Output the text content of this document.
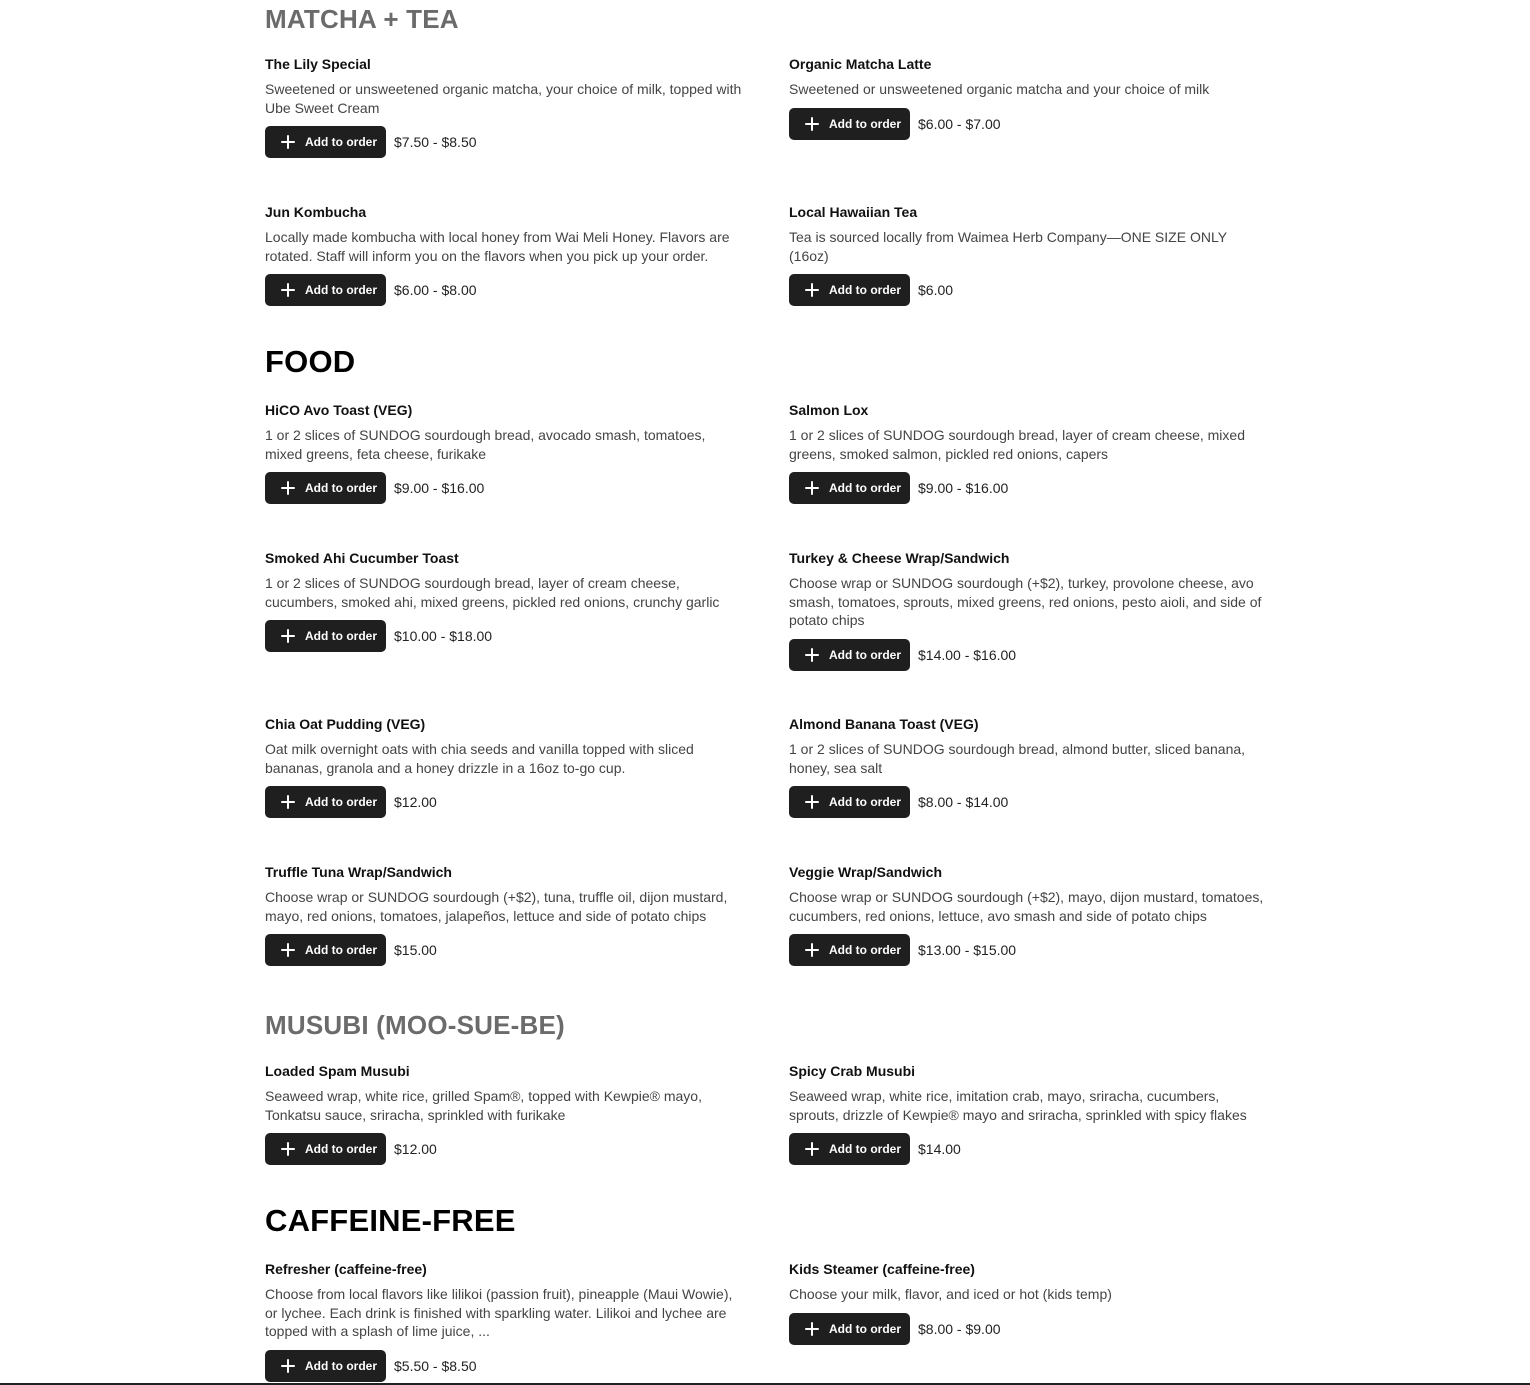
MATCHA + TEA
The Lily Special
Sweetened or unsweetened organic matcha, your choice of milk, topped with Ube Sweet Cream
Add to order $7.50 - $8.50
Organic Matcha Latte
Sweetened or unsweetened organic matcha and your choice of milk
Add to order $6.00 - $7.00
Jun Kombucha
Locally made kombucha with local honey from Wai Meli Honey. Flavors are rotated. Staff will inform you on the flavors when you pick up your order.
Add to order $6.00 - $8.00
Local Hawaiian Tea
Tea is sourced locally from Waimea Herb Company—ONE SIZE ONLY (16oz)
Add to order $6.00
FOOD
HiCO Avo Toast (VEG)
1 or 2 slices of SUNDOG sourdough bread, avocado smash, tomatoes, mixed greens, feta cheese, furikake
Add to order $9.00 - $16.00
Salmon Lox
1 or 2 slices of SUNDOG sourdough bread, layer of cream cheese, mixed greens, smoked salmon, pickled red onions, capers
Add to order $9.00 - $16.00
Smoked Ahi Cucumber Toast
1 or 2 slices of SUNDOG sourdough bread, layer of cream cheese, cucumbers, smoked ahi, mixed greens, pickled red onions, crunchy garlic
Add to order $10.00 - $18.00
Turkey & Cheese Wrap/Sandwich
Choose wrap or SUNDOG sourdough (+$2), turkey, provolone cheese, avo smash, tomatoes, sprouts, mixed greens, red onions, pesto aioli, and side of potato chips
Add to order $14.00 - $16.00
Chia Oat Pudding (VEG)
Oat milk overnight oats with chia seeds and vanilla topped with sliced bananas, granola and a honey drizzle in a 16oz to-go cup.
Add to order $12.00
Almond Banana Toast (VEG)
1 or 2 slices of SUNDOG sourdough bread, almond butter, sliced banana, honey, sea salt
Add to order $8.00 - $14.00
Truffle Tuna Wrap/Sandwich
Choose wrap or SUNDOG sourdough (+$2), tuna, truffle oil, dijon mustard, mayo, red onions, tomatoes, jalapeños, lettuce and side of potato chips
Add to order $15.00
Veggie Wrap/Sandwich
Choose wrap or SUNDOG sourdough (+$2), mayo, dijon mustard, tomatoes, cucumbers, red onions, lettuce, avo smash and side of potato chips
Add to order $13.00 - $15.00
MUSUBI (MOO-SUE-BE)
Loaded Spam Musubi
Seaweed wrap, white rice, grilled Spam®, topped with Kewpie® mayo, Tonkatsu sauce, sriracha, sprinkled with furikake
Add to order $12.00
Spicy Crab Musubi
Seaweed wrap, white rice, imitation crab, mayo, sriracha, cucumbers, sprouts, drizzle of Kewpie® mayo and sriracha, sprinkled with spicy flakes
Add to order $14.00
CAFFEINE-FREE
Refresher (caffeine-free)
Choose from local flavors like lilikoi (passion fruit), pineapple (Maui Wowie), or lychee. Each drink is finished with sparkling water. Lilikoi and lychee are topped with a splash of lime juice, ...
Add to order $5.50 - $8.50
Kids Steamer (caffeine-free)
Choose your milk, flavor, and iced or hot (kids temp)
Add to order $8.00 - $9.00
